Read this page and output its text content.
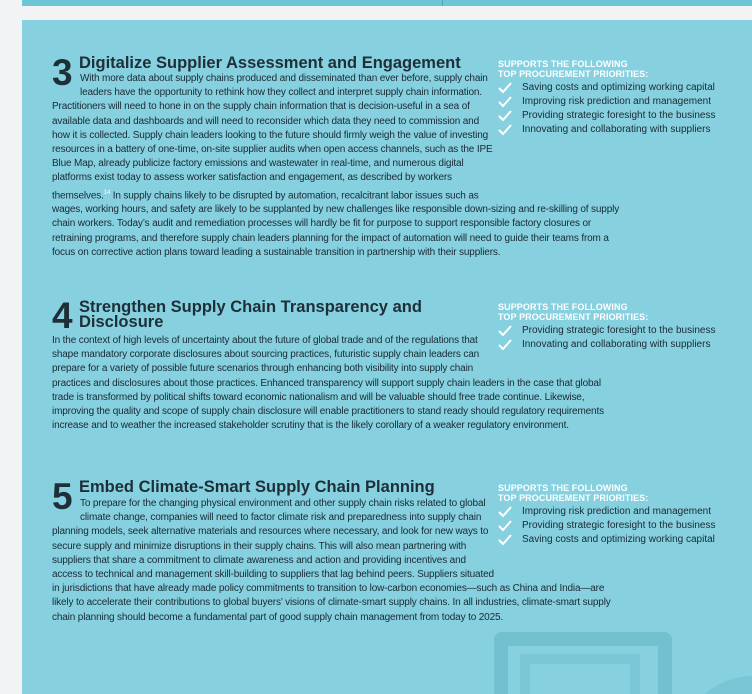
With more data about supply chains produced and disseminated than ever before, supply chain leaders have the opportunity to rethink how they collect and interpret supply chain information. Practitioners will need to hone in on the supply chain information that is decision-useful in a sea of available data and dashboards and will need to reconsider which data they need to commission and how it is collected. Supply chain leaders looking to the future should firmly weigh the value of investing resources in a battery of one-time, on-site supplier audits when open access channels, such as the IPE Blue Map, already publicize factory emissions and wastewater in real-time, and numerous digital platforms exist today to assess worker satisfaction and engagement, as described by workers themselves.$^{14}$ In supply chains likely to be disrupted by automation, recalcitrant labor issues such as wages, working hours, and safety are likely to be supplanted by new challenges like responsible down-sizing and re-skilling of supply chain workers. Today’s audit and remediation processes will hardly be fit for purpose to support responsible factory closures or retraining programs, and therefore supply chain leaders planning for the impact of automation will need to guide their teams from a focus on corrective action plans toward leading a sustainable transition in partnership with their suppliers.

3 Digitalize Supplier Assessment and Engagement	SUPPORTS THE FOLLOWING
TOP PROCUREMENT PRIORITIES:
Saving costs and optimizing working capital
Improving risk prediction and management
Providing strategic foresight to the business
Innovating and collaborating with suppliers

In the context of high levels of uncertainty about the future of global trade and of the regulations that shape mandatory corporate disclosures about sourcing practices, futuristic supply chain leaders can prepare for a variety of possible future scenarios through enhancing both visibility into supply chain practices and disclosures about those practices. Enhanced transparency will support supply chain leaders in the case that global trade is transformed by political shifts toward economic nationalism and will be valuable should free trade continue. Likewise, improving the quality and scope of supply chain disclosure will enable practitioners to stand ready should regulatory requirements increase and to weather the increased stakeholder scrutiny that is the likely corollary of a weaker regulatory environment.

4 Strengthen Supply Chain Transparency and
Disclosure
SUPPORTS THE FOLLOWING
TOP PROCUREMENT PRIORITIES:
Providing strategic foresight to the business
Innovating and collaborating with suppliers

To prepare for the changing physical environment and other supply chain risks related to global climate change, companies will need to factor climate risk and preparedness into supply chain planning models, seek alternative materials and resources where necessary, and look for new ways to secure supply and minimize disruptions in their supply chains. This will also mean partnering with suppliers that share a commitment to climate awareness and action and providing incentives and access to technical and management skill-building to suppliers that lag behind peers. Suppliers situated in jurisdictions that have already made policy commitments to transition to low-carbon economies—such as China and India—are likely to accelerate their contributions to global buyers’ visions of climate-smart supply chains. In all industries, climate-smart supply chain planning should become a fundamental part of good supply chain management from today to 2025.

5 Embed Climate-Smart Supply Chain Planning	SUPPORTS THE FOLLOWING
TOP PROCUREMENT PRIORITIES:
Improving risk prediction and management
Providing strategic foresight to the business
Saving costs and optimizing working capital
